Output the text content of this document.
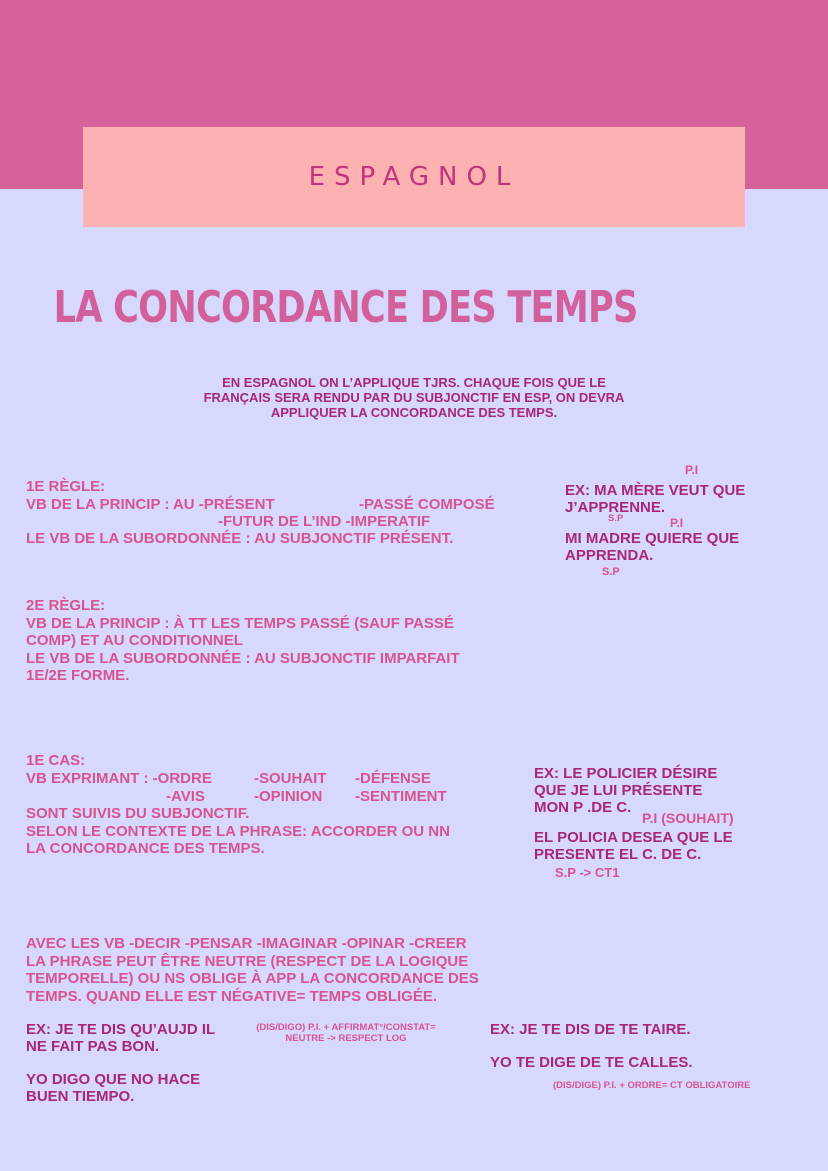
ESPAGNOL
LA CONCORDANCE DES TEMPS
EN ESPAGNOL ON L’APPLIQUE TJRS. CHAQUE FOIS QUE LE
FRANÇAIS SERA RENDU PAR DU SUBJONCTIF EN ESP, ON DEVRA
APPLIQUER LA CONCORDANCE DES TEMPS.
1E RÈGLE:
VB DE LA PRINCIP : AU -PRÉSENT	-PASSÉ COMPOSÉ
-FUTUR DE L’IND -IMPERATIF
LE VB DE LA SUBORDONNÉE : AU SUBJONCTIF PRÉSENT.
P.I
EX: MA MÈRE VEUT QUE
J’APPRENNE.
S.P	P.I
MI MADRE QUIERE QUE
APPRENDA.
S.P
2E RÈGLE:
VB DE LA PRINCIP : À TT LES TEMPS PASSÉ (SAUF PASSÉ
COMP) ET AU CONDITIONNEL
LE VB DE LA SUBORDONNÉE : AU SUBJONCTIF IMPARFAIT
1E/2E FORME.
1E CAS:
VB EXPRIMANT : -ORDRE	-SOUHAIT -DÉFENSE
-AVIS	-OPINION -SENTIMENT
SONT SUIVIS DU SUBJONCTIF.
SELON LE CONTEXTE DE LA PHRASE: ACCORDER OU NN
LA CONCORDANCE DES TEMPS.
EX: LE POLICIER DÉSIRE
QUE JE LUI PRÉSENTE
MON P .DE C.
P.I (SOUHAIT)
EL POLICIA DESEA QUE LE
PRESENTE EL C. DE C.
S.P -> CT1
AVEC LES VB -DECIR -PENSAR -IMAGINAR -OPINAR -CREER
LA PHRASE PEUT ÊTRE NEUTRE (RESPECT DE LA LOGIQUE
TEMPORELLE) OU NS OBLIGE À APP LA CONCORDANCE DES
TEMPS. QUAND ELLE EST NÉGATIVE= TEMPS OBLIGÉE.
EX: JE TE DIS QU’AUJD IL
NE FAIT PAS BON.
(DIS/DIGO) P.I. + AFFIRMAT°/CONSTAT=
NEUTRE -> RESPECT LOG
YO DIGO QUE NO HACE
BUEN TIEMPO.
EX: JE TE DIS DE TE TAIRE.
YO TE DIGE DE TE CALLES.
(DIS/DIGE) P.I. + ORDRE= CT OBLIGATOIRE
